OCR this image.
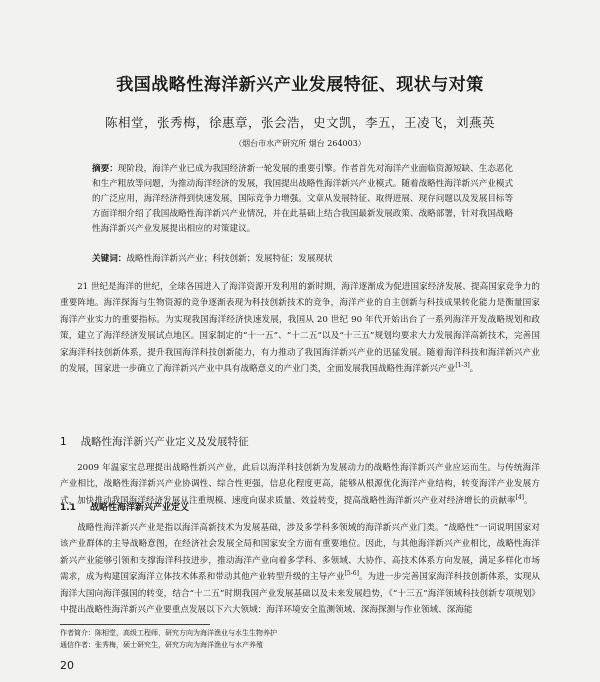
我国战略性海洋新兴产业发展特征、现状与对策
陈相堂，张秀梅，徐惠章，张会浩，史文凯，李五，王凌飞，刘燕英
（烟台市水产研究所 烟台 264003）

摘要：现阶段，海洋产业已成为我国经济新一轮发展的重要引擎。作者首先对海洋产业面临资源短缺、生态恶化和生产粗放等问题，为推动海洋经济的发展，我国提出战略性海洋新兴产业模式。随着战略性海洋新兴产业模式的广泛应用，海洋经济得到快速发展，国际竞争力增强。文章从发展特征、取得进展、现存问题以及发展目标等方面详细介绍了我国战略性海洋新兴产业情况，并在此基础上结合我国最新发展政策、战略部署，针对我国战略性海洋新兴产业发展提出相应的对策建议。

关键词：战略性海洋新兴产业；科技创新；发展特征；发展现状

21 世纪是海洋的世纪，全球各国进入了海洋资源开发利用的新时期，海洋逐渐成为促进国家经济发展、提高国家竞争力的重要阵地。海洋探海与生物资源的竞争逐渐表现为科技创新技术的竞争，海洋产业的自主创新与科技成果转化能力是衡量国家海洋产业实力的重要指标。为实现我国海洋经济快速发展，我国从 20 世纪 90 年代开始出台了一系列海洋开发战略规划和政策，建立了海洋经济发展试点地区。国家制定的“十一五”、“十二五”以及“十三五”规划均要求大力发展海洋高新技术，完善国家海洋科技创新体系，提升我国海洋科技创新能力，有力推动了我国海洋新兴产业的迅猛发展。随着海洋科技和海洋新兴产业的发展，国家进一步确立了海洋新兴产业中具有战略意义的产业门类，全面发展我国战略性海洋新兴产业[1-3]。

1 战略性海洋新兴产业定义及发展特征

2009 年温家宝总理提出战略性新兴产业，此后以海洋科技创新为发展动力的战略性海洋新兴产业应运而生。与传统海洋产业相比，战略性海洋新兴产业协调性、综合性更强，信息化程度更高，能够从根源优化海洋产业结构，转变海洋产业发展方式，加快推动我国海洋经济发展从注重规模、速度向谋求质量、效益转变，提高战略性海洋新兴产业对经济增长的贡献率[4]。

1.1 战略性海洋新兴产业定义

战略性海洋新兴产业是指以海洋高新技术为发展基础，涉及多学科多领域的海洋新兴产业门类。“战略性”一词说明国家对该产业群体的主导战略意图，在经济社会发展全局和国家安全方面有重要地位。因此，与其他海洋新兴产业相比，战略性海洋新兴产业能够引领和支撑海洋科技进步，推动海洋产业向着多学科、多领域、大协作、高技术体系方向发展，满足多样化市场需求，成为构建国家海洋立体技术体系和带动其他产业转型升级的主导产业[5-6]。为进一步完善国家海洋科技创新体系，实现从海洋大国向海洋强国的转变，结合“十二五”时期我国产业发展基础以及未来发展趋势，《“十三五”海洋领域科技创新专项规划》中提出战略性海洋新兴产业要重点发展以下六大领域：海洋环境安全监测领域、深海探测与作业领域、深海能

作者简介：陈相堂，高级工程师，研究方向为海洋渔业与水生生物养护
通信作者：张秀梅，硕士研究生，研究方向为海洋渔业与水产养殖
20
